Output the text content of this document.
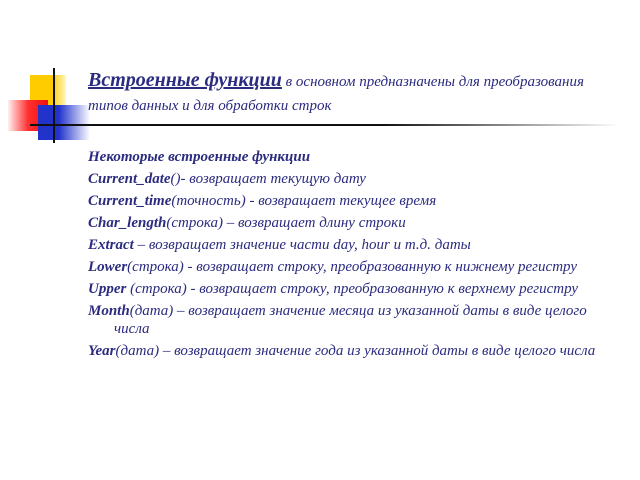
Встроенные функции в основном предназначены для преобразования типов данных и для обработки строк
Некоторые встроенные функции
Current_date()- возвращает текущую дату
Current_time(точность) - возвращает текущее время
Char_length(строка) – возвращает длину строки
Extract – возвращает значение части day, hour и т.д. даты
Lower(строка) - возвращает строку, преобразованную к нижнему регистру
Upper (строка) - возвращает строку, преобразованную к верхнему регистру
Month(дата) – возвращает значение месяца из указанной даты в виде целого числа
Year(дата) – возвращает значение года из указанной даты в виде целого числа
